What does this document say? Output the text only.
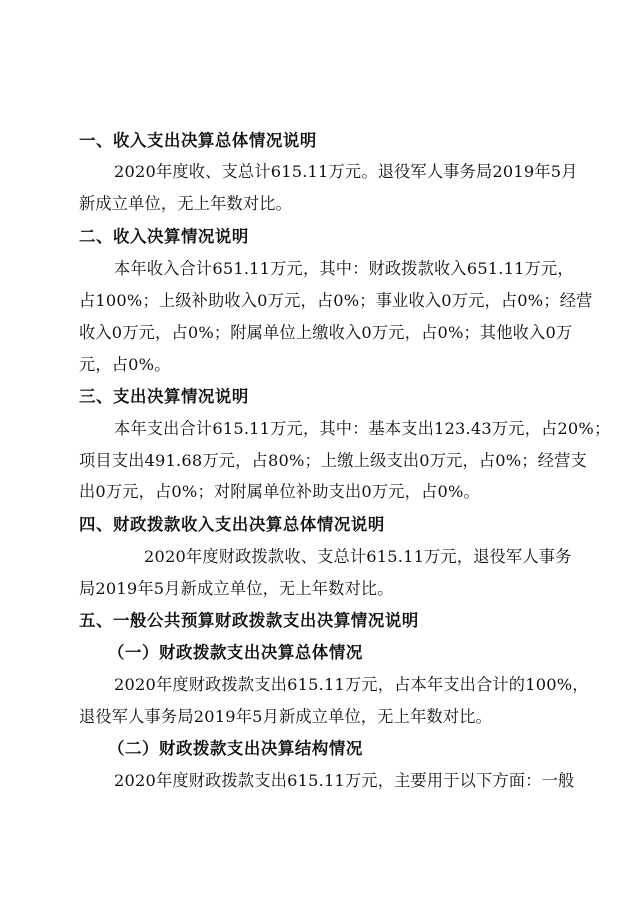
一、收入支出决算总体情况说明
2020年度收、支总计615.11万元。退役军人事务局2019年5月
新成立单位，无上年数对比。
二、收入决算情况说明
本年收入合计651.11万元，其中：财政拨款收入651.11万元，
占100%；上级补助收入0万元，占0%；事业收入0万元，占0%；经营
收入0万元，占0%；附属单位上缴收入0万元，占0%；其他收入0万
元，占0%。
三、支出决算情况说明
本年支出合计615.11万元，其中：基本支出123.43万元，占20%；
项目支出491.68万元，占80%；上缴上级支出0万元，占0%；经营支
出0万元，占0%；对附属单位补助支出0万元，占0%。
四、财政拨款收入支出决算总体情况说明
2020年度财政拨款收、支总计615.11万元，退役军人事务
局2019年5月新成立单位，无上年数对比。
五、一般公共预算财政拨款支出决算情况说明
（一）财政拨款支出决算总体情况
2020年度财政拨款支出615.11万元，占本年支出合计的100%，
退役军人事务局2019年5月新成立单位，无上年数对比。
（二）财政拨款支出决算结构情况
2020年度财政拨款支出615.11万元，主要用于以下方面：一般
